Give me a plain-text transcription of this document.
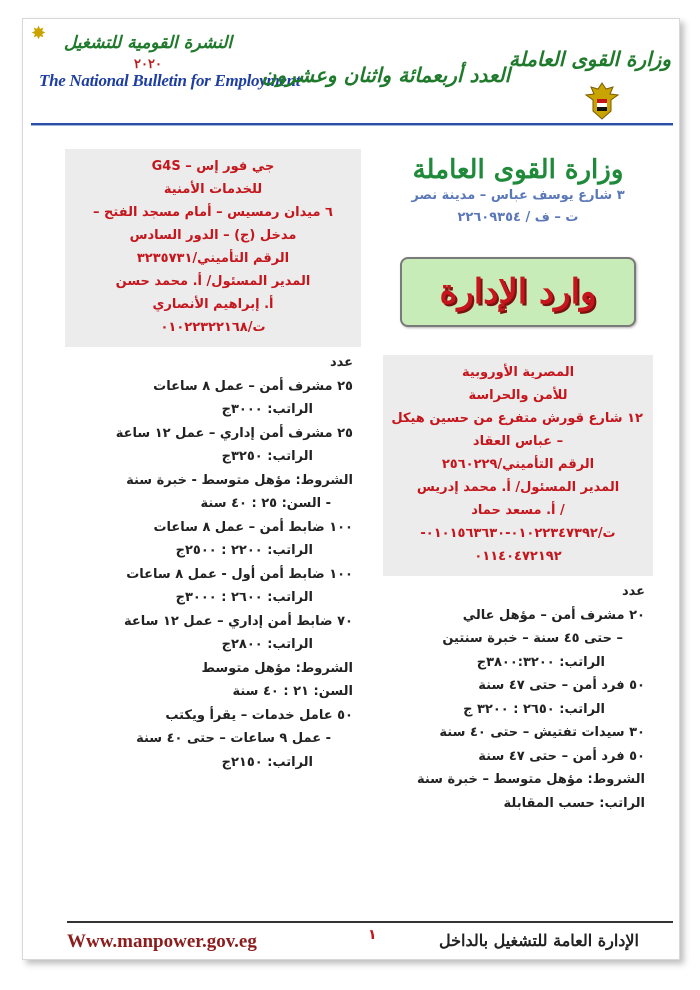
✸	النشرة القومية للتشغيل
٢٠٢٠
The National Bulletin for Employment
العدد أربعمائة واثنان وعشرون
وزارة القوى العاملة
جي فور إس – G4S
للخدمات الأمنية
٦ ميدان رمسيس – أمام مسجد الفتح –
مدخل (ج) – الدور السادس
الرقم التأميني/٣٢٣٥٧٣١
المدير المسئول/ أ. محمد حسن
أ. إبراهيم الأنصاري
ت/٠١٠٢٢٣٢٢١٦٨
عدد
٢٥ مشرف أمن – عمل ٨ ساعات
الراتب: ٣٠٠٠ج
٢٥ مشرف أمن إداري – عمل ١٢ ساعة
الراتب: ٣٢٥٠ج
الشروط: مؤهل متوسط - خبرة سنة
- السن: ٢٥ : ٤٠ سنة
١٠٠ ضابط أمن – عمل ٨ ساعات
الراتب: ٢٢٠٠ : ٢٥٠٠ج
١٠٠ ضابط أمن أول - عمل ٨ ساعات
الراتب: ٢٦٠٠ : ٣٠٠٠ج
٧٠ ضابط أمن إداري – عمل ١٢ ساعة
الراتب: ٢٨٠٠ج
الشروط: مؤهل متوسط
السن: ٢١ : ٤٠ سنة
٥٠ عامل خدمات – يقرأ ويكتب
- عمل ٩ ساعات – حتى ٤٠ سنة
الراتب: ٢١٥٠ج
وزارة القوى العاملة
٣ شارع يوسف عباس – مدينة نصر
ت – ف / ٢٢٦٠٩٣٥٤
وارد الإدارة
المصرية الأوروبية
للأمن والحراسة
١٢ شارع قورش متفرع من حسين هيكل
– عباس العقاد
الرقم التأميني/٢٥٦٠٢٢٩
المدير المسئول/ أ. محمد إدريس
/ أ. مسعد حماد
ت/٠١٠٢٢٣٤٧٣٩٢-٠١٠١٥٦٣٦٣٠-
٠١١٤٠٤٧٢١٩٢
عدد
٢٠ مشرف أمن – مؤهل عالي
– حتى ٤٥ سنة – خبرة سنتين
الراتب: ٣٨٠٠:٣٢٠٠ج
٥٠ فرد أمن – حتى ٤٧ سنة
الراتب: ٢٦٥٠ : ٣٢٠٠ ج
٣٠ سيدات تفتيش – حتى ٤٠ سنة
٥٠ فرد أمن – حتى ٤٧ سنة
الشروط: مؤهل متوسط – خبرة سنة
الراتب: حسب المقابلة
Www.manpower.gov.eg	١	الإدارة العامة للتشغيل بالداخل
